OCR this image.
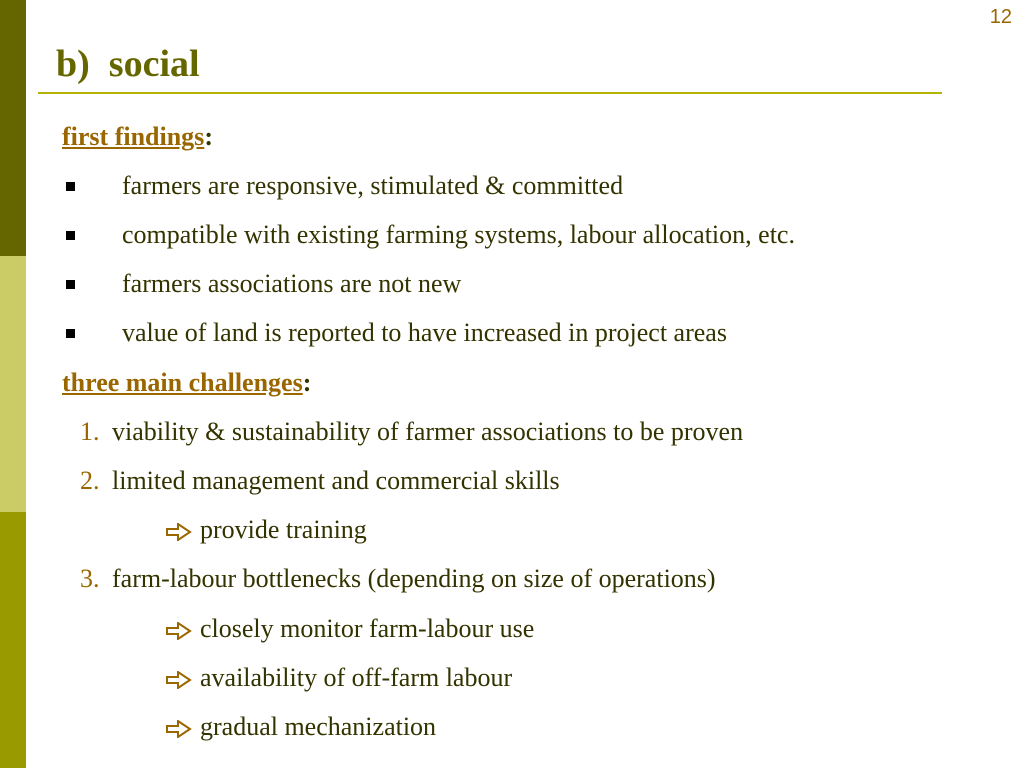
12
b)  social
first findings:
farmers are responsive, stimulated & committed
compatible with existing farming systems, labour allocation, etc.
farmers associations are not new
value of land is reported to have increased in project areas
three main challenges:
1. viability & sustainability of farmer associations to be proven
2. limited management and commercial skills
provide training
3. farm-labour bottlenecks (depending on size of operations)
closely monitor farm-labour use
availability of off-farm labour
gradual mechanization
